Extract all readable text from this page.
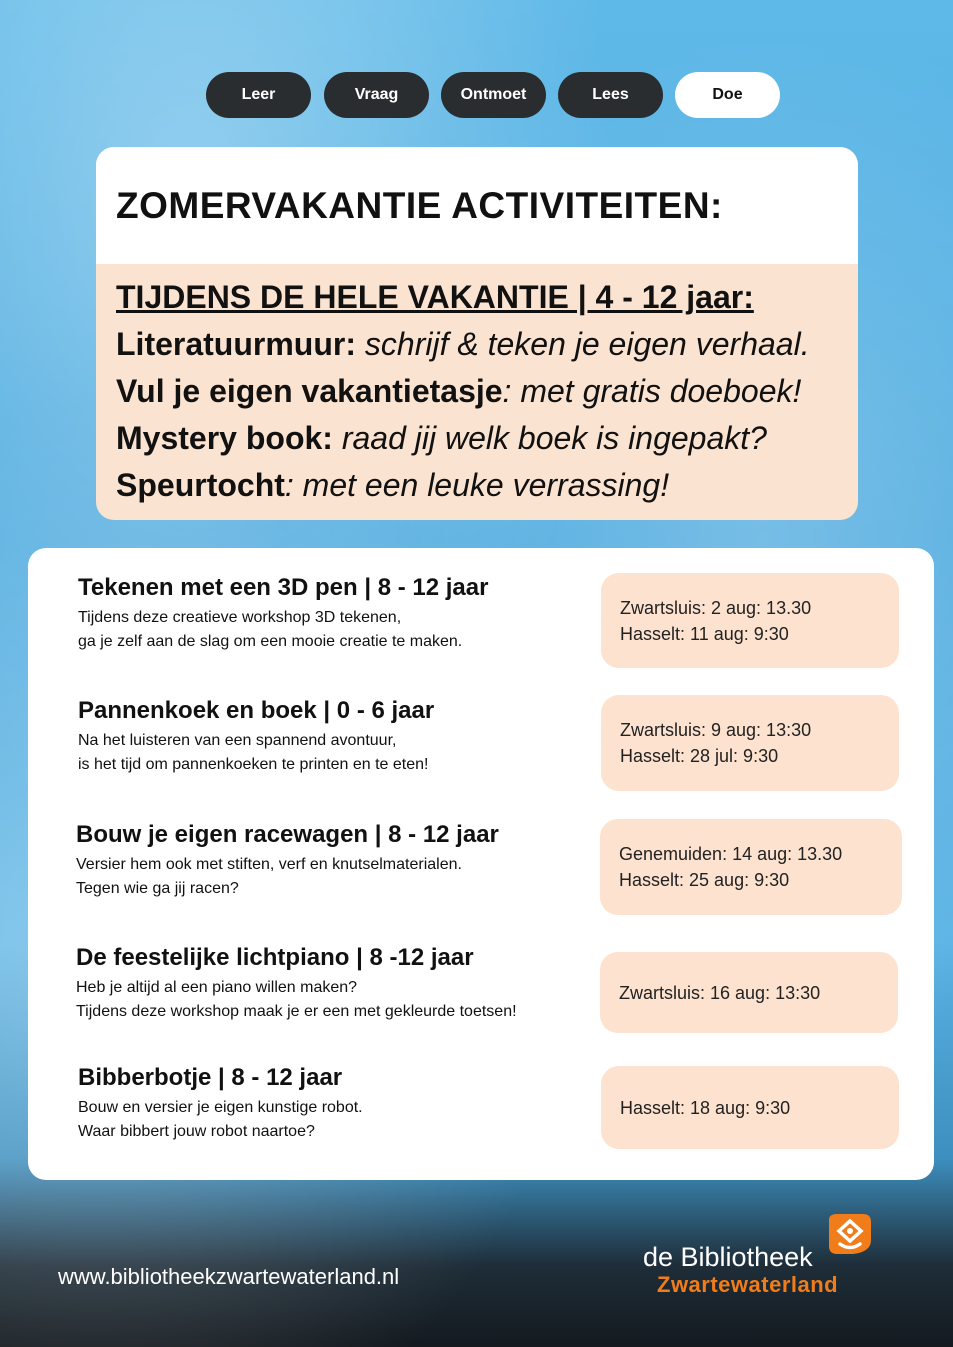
Leer	Vraag	Ontmoet	Lees	Doe
ZOMERVAKANTIE ACTIVITEITEN:
TIJDENS DE HELE VAKANTIE | 4 - 12 jaar:
Literatuurmuur: schrijf & teken je eigen verhaal.
Vul je eigen vakantietasje: met gratis doeboek!
Mystery book: raad jij welk boek is ingepakt?
Speurtocht: met een leuke verrassing!
Tekenen met een 3D pen | 8 - 12 jaar

Tijdens deze creatieve workshop 3D tekenen,
ga je zelf aan de slag om een mooie creatie te maken.

Zwartsluis: 2 aug: 13.30
Hasselt: 11 aug: 9:30
Pannenkoek en boek | 0 - 6 jaar

Na het luisteren van een spannend avontuur,
is het tijd om pannenkoeken te printen en te eten!

Zwartsluis: 9 aug: 13:30
Hasselt: 28 jul: 9:30
Bouw je eigen racewagen | 8 - 12 jaar

Versier hem ook met stiften, verf en knutselmaterialen.
Tegen wie ga jij racen?

Genemuiden: 14 aug: 13.30
Hasselt: 25 aug: 9:30
De feestelijke lichtpiano | 8 -12 jaar

Heb je altijd al een piano willen maken?
Tijdens deze workshop maak je er een met gekleurde toetsen!

Zwartsluis: 16 aug: 13:30
Bibberbotje | 8 - 12 jaar

Bouw en versier je eigen kunstige robot.
Waar bibbert jouw robot naartoe?

Hasselt: 18 aug: 9:30
www.bibliotheekzwartewaterland.nl
de Bibliotheek
Zwartewaterland
